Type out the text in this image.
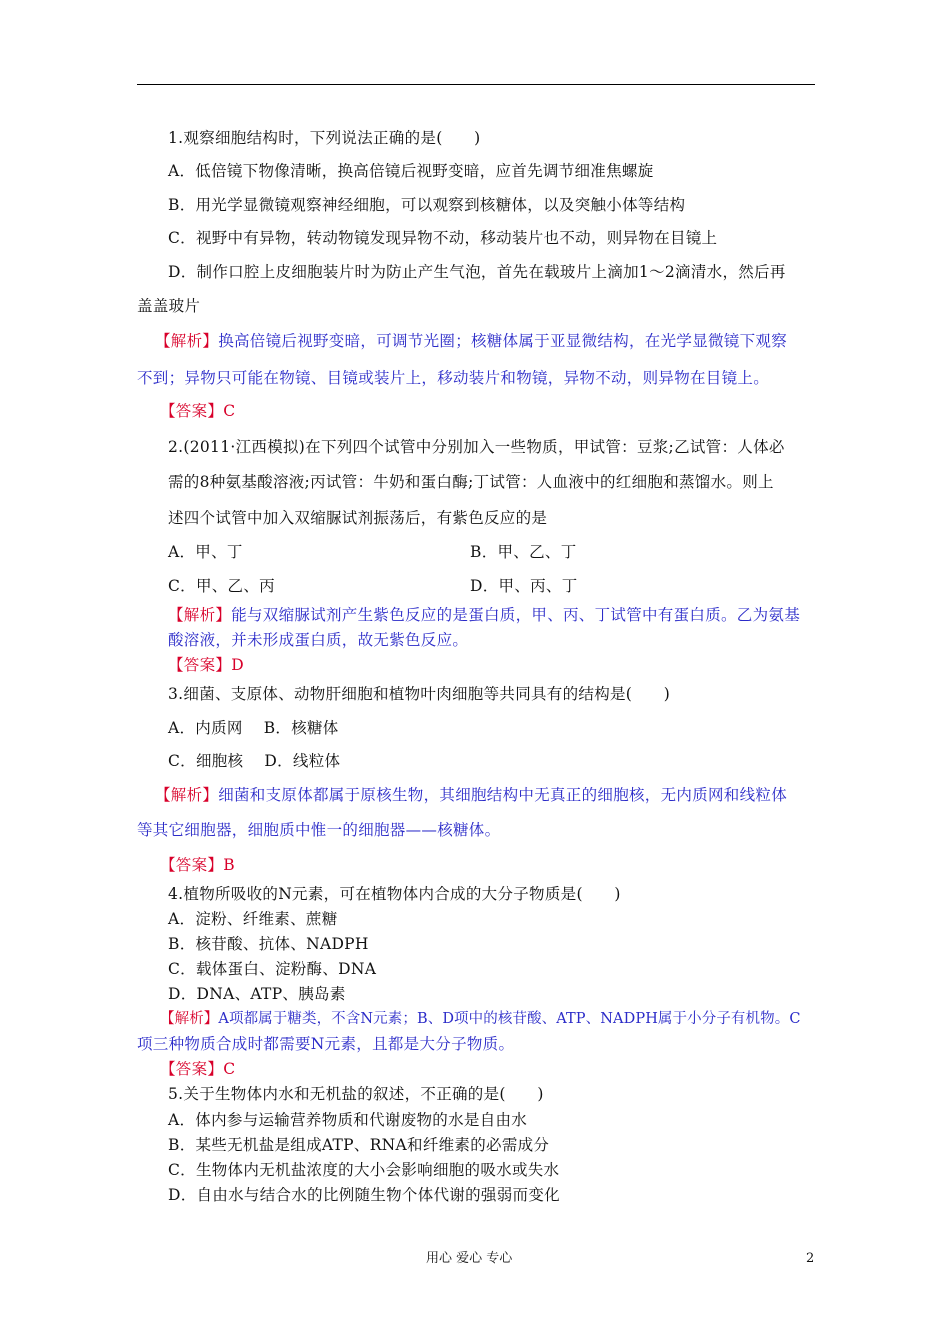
1.观察细胞结构时，下列说法正确的是(　　)
A．低倍镜下物像清晰，换高倍镜后视野变暗，应首先调节细准焦螺旋
B．用光学显微镜观察神经细胞，可以观察到核糖体，以及突触小体等结构
C．视野中有异物，转动物镜发现异物不动，移动装片也不动，则异物在目镜上
D．制作口腔上皮细胞装片时为防止产生气泡，首先在载玻片上滴加1～2滴清水，然后再
盖盖玻片
【解析】换高倍镜后视野变暗，可调节光圈；核糖体属于亚显微结构，在光学显微镜下观察
不到；异物只可能在物镜、目镜或装片上，移动装片和物镜，异物不动，则异物在目镜上。
【答案】C
2.(2011·江西模拟)在下列四个试管中分别加入一些物质，甲试管：豆浆;乙试管：人体必
需的8种氨基酸溶液;丙试管：牛奶和蛋白酶;丁试管：人血液中的红细胞和蒸馏水。则上
述四个试管中加入双缩脲试剂振荡后，有紫色反应的是
A．甲、丁	B．甲、乙、丁
C．甲、乙、丙	D．甲、丙、丁
【解析】能与双缩脲试剂产生紫色反应的是蛋白质，甲、丙、丁试管中有蛋白质。乙为氨基
酸溶液，并未形成蛋白质，故无紫色反应。
【答案】D
3.细菌、支原体、动物肝细胞和植物叶肉细胞等共同具有的结构是(　　)
A．内质网　 B．核糖体
C．细胞核　 D．线粒体
【解析】细菌和支原体都属于原核生物，其细胞结构中无真正的细胞核，无内质网和线粒体
等其它细胞器，细胞质中惟一的细胞器——核糖体。
【答案】B
4.植物所吸收的N元素，可在植物体内合成的大分子物质是(　　)
A．淀粉、纤维素、蔗糖
B．核苷酸、抗体、NADPH
C．载体蛋白、淀粉酶、DNA
D．DNA、ATP、胰岛素
【解析】A项都属于糖类，不含N元素；B、D项中的核苷酸、ATP、NADPH属于小分子有机物。C
项三种物质合成时都需要N元素，且都是大分子物质。
【答案】C
5.关于生物体内水和无机盐的叙述，不正确的是(　　)
A．体内参与运输营养物质和代谢废物的水是自由水
B．某些无机盐是组成ATP、RNA和纤维素的必需成分
C．生物体内无机盐浓度的大小会影响细胞的吸水或失水
D．自由水与结合水的比例随生物个体代谢的强弱而变化
用心 爱心 专心	2
